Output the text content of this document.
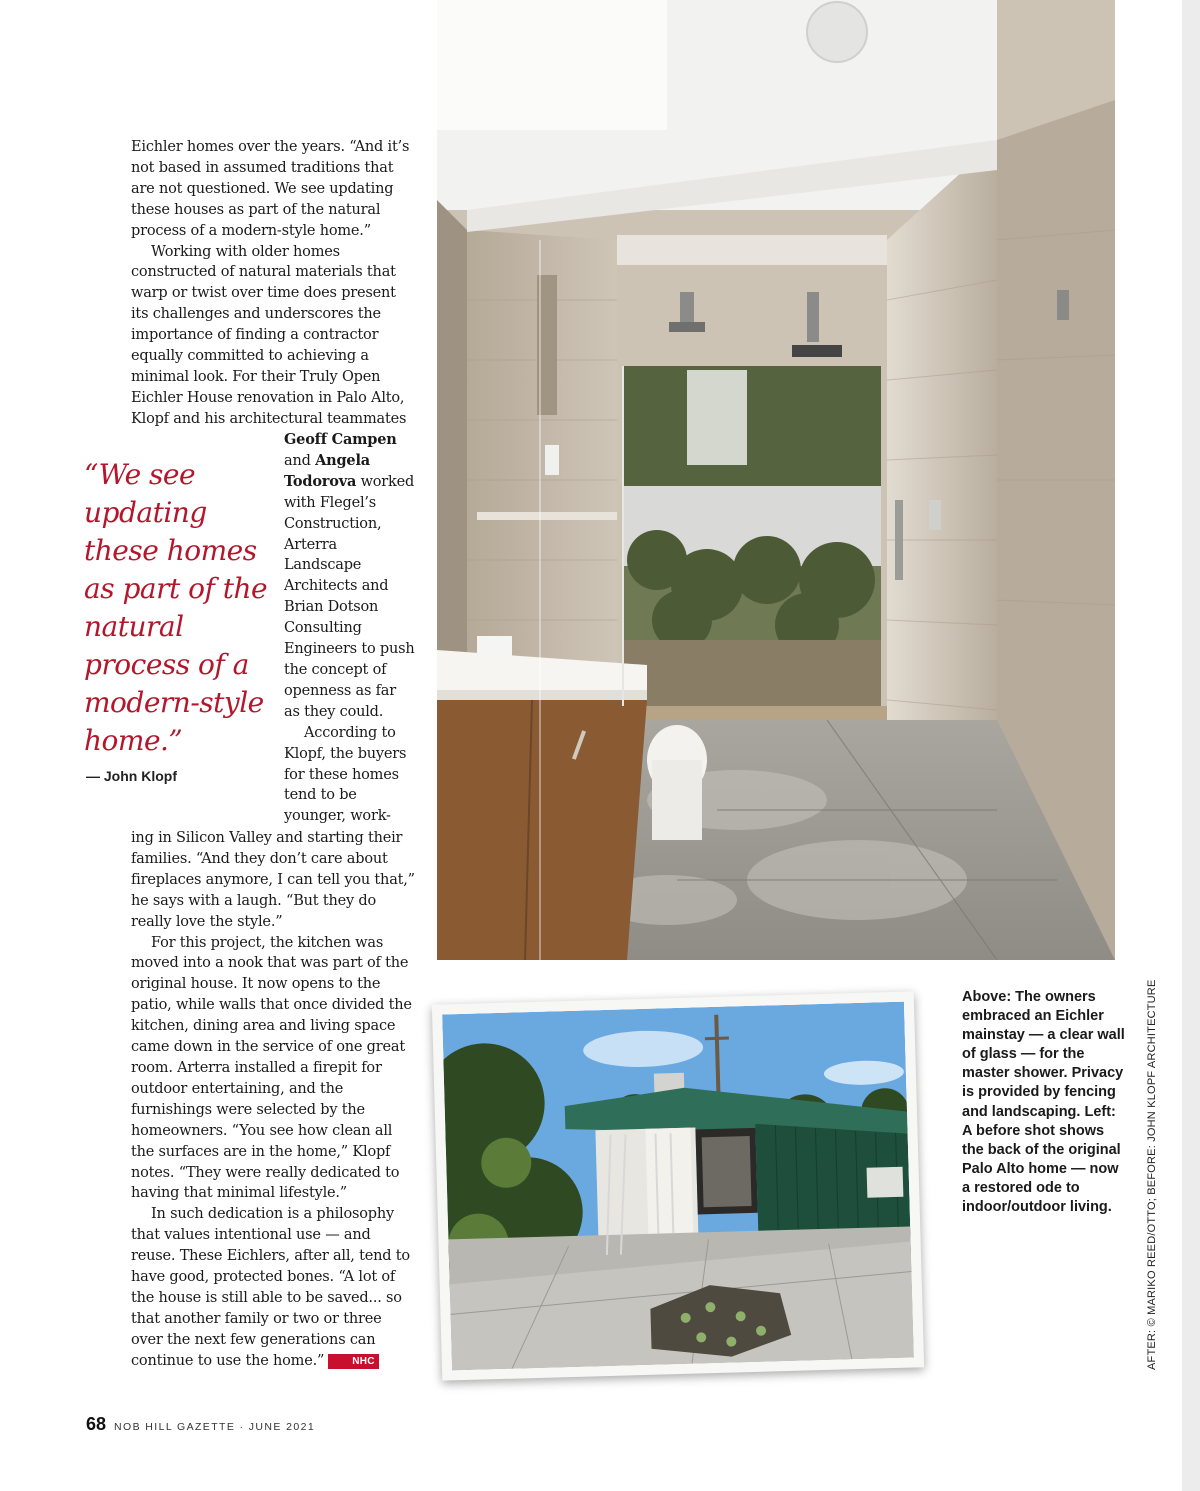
Eichler homes over the years. “And it’s not based in assumed traditions that are not questioned. We see updating these houses as part of the natural process of a modern-style home.”

Working with older homes constructed of natural materials that warp or twist over time does present its challenges and underscores the importance of finding a contractor equally committed to achieving a minimal look. For their Truly Open Eichler House renovation in Palo Alto, Klopf and his architectural teammates

Geoff Campen and Angela Todorova worked with Flegel’s Construction, Arterra Landscape Architects and Brian Dotson Consulting Engineers to push the concept of openness as far as they could.

According to Klopf, the buyers for these homes tend to be younger, work-

ing in Silicon Valley and starting their families. “And they don’t care about fireplaces anymore, I can tell you that,” he says with a laugh. “But they do really love the style.”

For this project, the kitchen was moved into a nook that was part of the original house. It now opens to the patio, while walls that once divided the kitchen, dining area and living space came down in the service of one great room. Arterra installed a firepit for outdoor entertaining, and the furnishings were selected by the homeowners. “You see how clean all the surfaces are in the home,” Klopf notes. “They were really dedicated to having that minimal lifestyle.”

In such dedication is a philosophy that values intentional use — and reuse. These Eichlers, after all, tend to have good, protected bones. “A lot of the house is still able to be saved... so that another family or two or three over the next few generations can continue to use the home.”	NHC

“We see updating these homes as part of the natural process of a modern-style home.”

— John Klopf

Above: The owners embraced an Eichler mainstay — a clear wall of glass — for the master shower. Privacy is provided by fencing and landscaping. Left: A before shot shows the back of the original Palo Alto home — now a restored ode to indoor/outdoor living.	AFTER: © MARIKO REED/OTTO; BEFORE: JOHN KLOPF ARCHITECTURE
68 NOB HILL GAZETTE · JUNE 2021
